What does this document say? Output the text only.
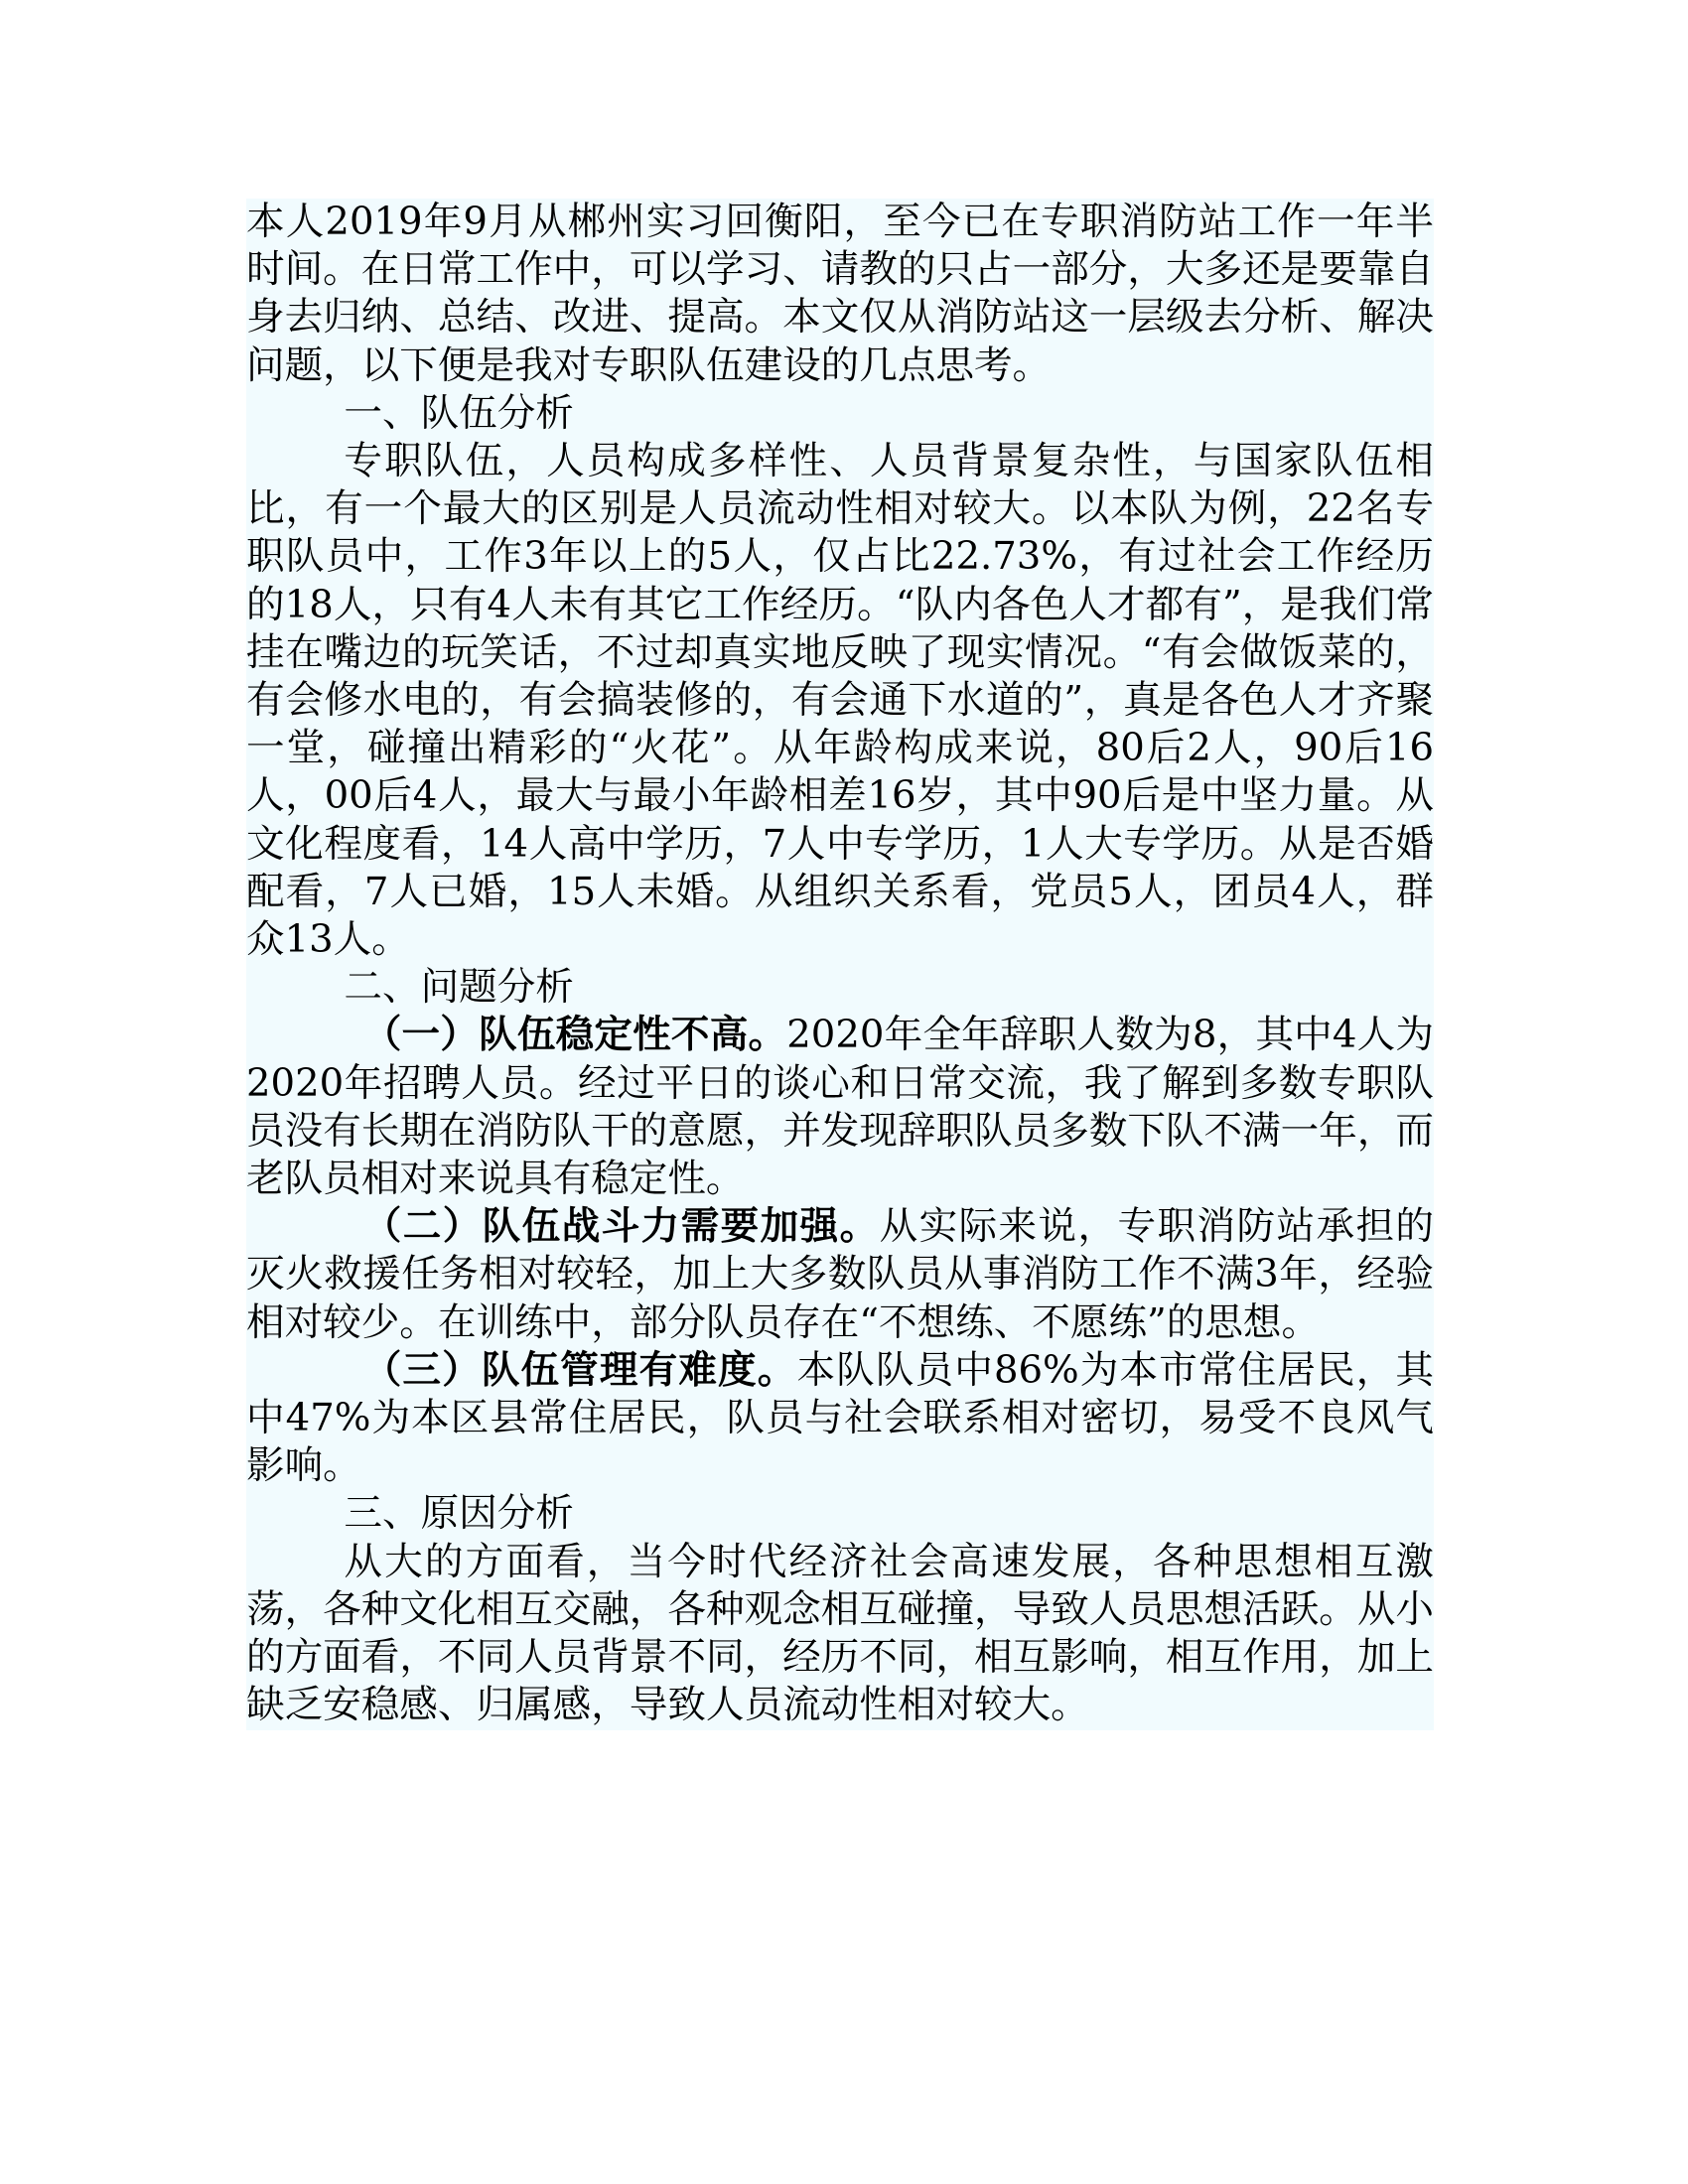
本人2019年9月从郴州实习回衡阳，至今已在专职消防站工作一年半时间。在日常工作中，可以学习、请教的只占一部分，大多还是要靠自身去归纳、总结、改进、提高。本文仅从消防站这一层级去分析、解决问题，以下便是我对专职队伍建设的几点思考。

一、队伍分析

专职队伍，人员构成多样性、人员背景复杂性，与国家队伍相比，有一个最大的区别是人员流动性相对较大。以本队为例，22名专职队员中，工作3年以上的5人，仅占比22.73%，有过社会工作经历的18人，只有4人未有其它工作经历。“队内各色人才都有”，是我们常挂在嘴边的玩笑话，不过却真实地反映了现实情况。“有会做饭菜的，有会修水电的，有会搞装修的，有会通下水道的”，真是各色人才齐聚一堂，碰撞出精彩的“火花”。从年龄构成来说，80后2人，90后16人，00后4人，最大与最小年龄相差16岁，其中90后是中坚力量。从文化程度看，14人高中学历，7人中专学历，1人大专学历。从是否婚配看，7人已婚，15人未婚。从组织关系看，党员5人，团员4人，群众13人。

二、问题分析

（一）队伍稳定性不高。2020年全年辞职人数为8，其中4人为2020年招聘人员。经过平日的谈心和日常交流，我了解到多数专职队员没有长期在消防队干的意愿，并发现辞职队员多数下队不满一年，而老队员相对来说具有稳定性。

（二）队伍战斗力需要加强。从实际来说，专职消防站承担的灭火救援任务相对较轻，加上大多数队员从事消防工作不满3年，经验相对较少。在训练中，部分队员存在“不想练、不愿练”的思想。

（三）队伍管理有难度。本队队员中86%为本市常住居民，其中47%为本区县常住居民，队员与社会联系相对密切，易受不良风气影响。

三、原因分析

从大的方面看，当今时代经济社会高速发展，各种思想相互激荡，各种文化相互交融，各种观念相互碰撞，导致人员思想活跃。从小的方面看，不同人员背景不同，经历不同，相互影响，相互作用，加上缺乏安稳感、归属感，导致人员流动性相对较大。
